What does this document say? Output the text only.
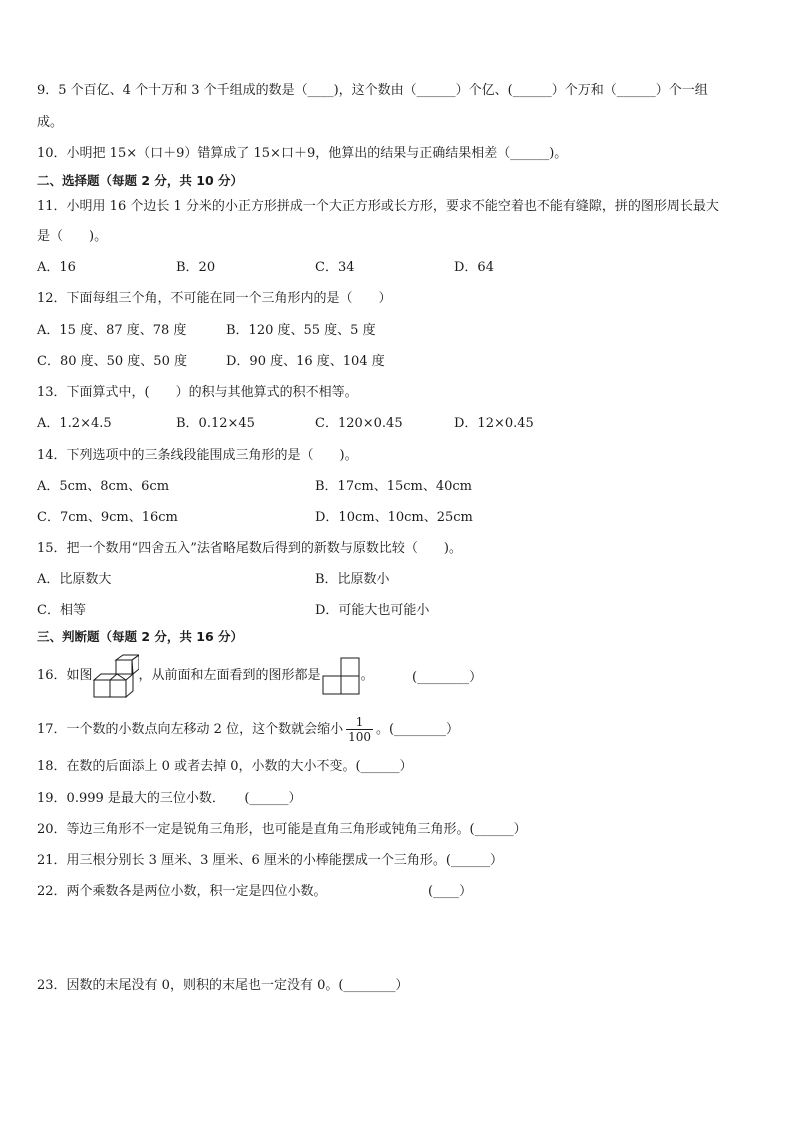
9．5 个百亿、4 个十万和 3 个千组成的数是（____)，这个数由（______）个亿、(______）个万和（______）个一组
成。
10．小明把 15×（口＋9）错算成了 15×口＋9，他算出的结果与正确结果相差（______)。
二、选择题（每题 2 分，共 10 分）
11．小明用 16 个边长 1 分米的小正方形拼成一个大正方形或长方形，要求不能空着也不能有缝隙，拼的图形周长最大
是（　　)。
A．16	B．20	C．34	D．64
12．下面每组三个角，不可能在同一个三角形内的是（　　）
A．15 度、87 度、78 度	B．120 度、55 度、5 度
C．80 度、50 度、50 度	D．90 度、16 度、104 度
13．下面算式中，(　　）的积与其他算式的积不相等。
A．1.2×4.5	B．0.12×45	C．120×0.45	D．12×0.45
14．下列选项中的三条线段能围成三角形的是（　　)。
A．5cm、8cm、6cm	B．17cm、15cm、40cm
C．7cm、9cm、16cm	D．10cm、10cm、25cm
15．把一个数用“四舍五入”法省略尾数后得到的新数与原数比较（　　)。
A．比原数大	B．比原数小
C．相等	D．可能大也可能小
三、判断题（每题 2 分，共 16 分）
16．如图	，从前面和左面看到的图形都是	。	(________）
17．一个数的小数点向左移动 2 位，这个数就会缩小 $\frac{1}{100}$ 。(________）
18．在数的后面添上 0 或者去掉 0，小数的大小不变。(______）
19．0.999 是最大的三位小数．　　(______）
20．等边三角形不一定是锐角三角形，也可能是直角三角形或钝角三角形。(______）
21．用三根分别长 3 厘米、3 厘米、6 厘米的小棒能摆成一个三角形。(______）
22．两个乘数各是两位小数，积一定是四位小数。	(____）
23．因数的末尾没有 0，则积的末尾也一定没有 0。(________）
